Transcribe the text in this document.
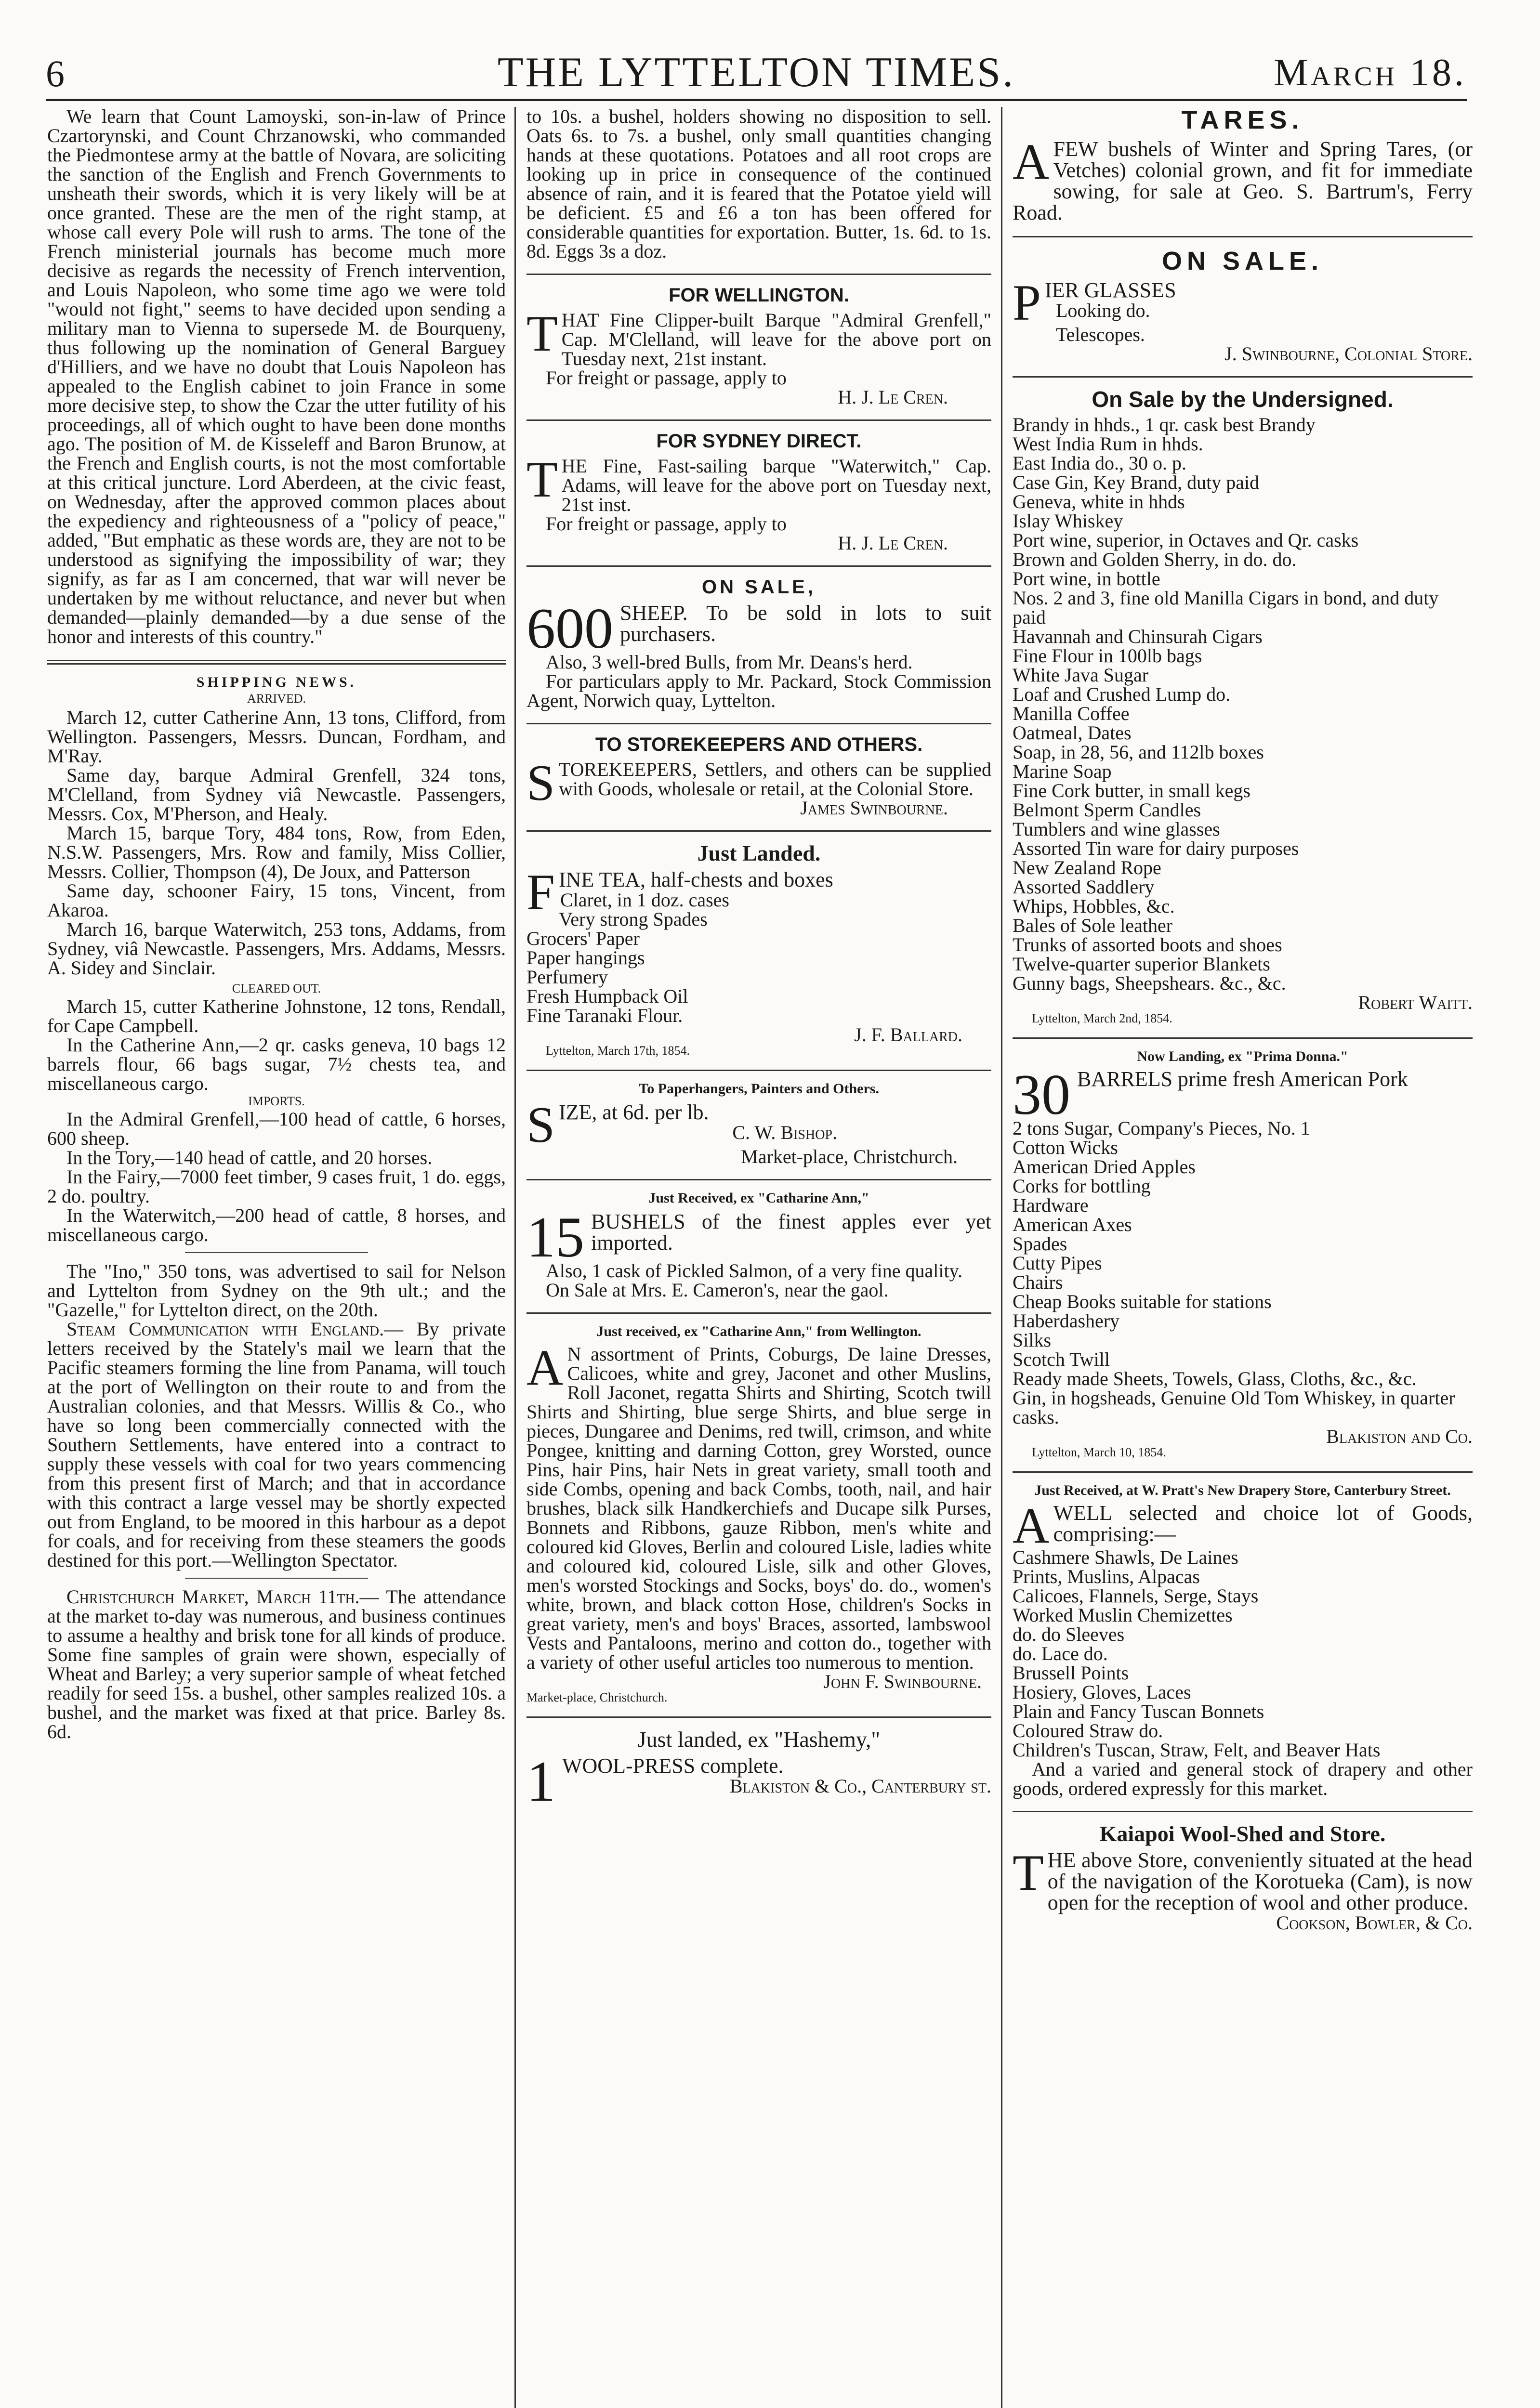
6	THE LYTTELTON TIMES.	March 18.

We learn that Count Lamoyski, son-in-law of Prince Czartorynski, and Count Chrzanowski, who commanded the Piedmontese army at the battle of Novara, are soliciting the sanction of the English and French Governments to unsheath their swords, which it is very likely will be at once granted. These are the men of the right stamp, at whose call every Pole will rush to arms. The tone of the French ministerial journals has become much more decisive as regards the necessity of French intervention, and Louis Napoleon, who some time ago we were told "would not fight," seems to have decided upon sending a military man to Vienna to supersede M. de Bourqueny, thus following up the nomination of General Barguey d'Hilliers, and we have no doubt that Louis Napoleon has appealed to the English cabinet to join France in some more decisive step, to show the Czar the utter futility of his proceedings, all of which ought to have been done months ago. The position of M. de Kisseleff and Baron Brunow, at the French and English courts, is not the most comfortable at this critical juncture. Lord Aberdeen, at the civic feast, on Wednesday, after the approved common places about the expediency and righteousness of a "policy of peace," added, "But emphatic as these words are, they are not to be understood as signifying the impossibility of war; they signify, as far as I am concerned, that war will never be undertaken by me without reluctance, and never but when demanded—plainly demanded—by a due sense of the honor and interests of this country."

SHIPPING NEWS.

ARRIVED.

March 12, cutter Catherine Ann, 13 tons, Clifford, from Wellington. Passengers, Messrs. Duncan, Fordham, and M'Ray.

Same day, barque Admiral Grenfell, 324 tons, M'Clelland, from Sydney viâ Newcastle. Passengers, Messrs. Cox, M'Pherson, and Healy.

March 15, barque Tory, 484 tons, Row, from Eden, N.S.W. Passengers, Mrs. Row and family, Miss Collier, Messrs. Collier, Thompson (4), De Joux, and Patterson

Same day, schooner Fairy, 15 tons, Vincent, from Akaroa.

March 16, barque Waterwitch, 253 tons, Addams, from Sydney, viâ Newcastle. Passengers, Mrs. Addams, Messrs. A. Sidey and Sinclair.

CLEARED OUT.

March 15, cutter Katherine Johnstone, 12 tons, Rendall, for Cape Campbell.

In the Catherine Ann,—2 qr. casks geneva, 10 bags 12 barrels flour, 66 bags sugar, 7½ chests tea, and miscellaneous cargo.

IMPORTS.

In the Admiral Grenfell,—100 head of cattle, 6 horses, 600 sheep.

In the Tory,—140 head of cattle, and 20 horses.

In the Fairy,—7000 feet timber, 9 cases fruit, 1 do. eggs, 2 do. poultry.

In the Waterwitch,—200 head of cattle, 8 horses, and miscellaneous cargo.

The "Ino," 350 tons, was advertised to sail for Nelson and Lyttelton from Sydney on the 9th ult.; and the "Gazelle," for Lyttelton direct, on the 20th.

Steam Communication with England.— By private letters received by the Stately's mail we learn that the Pacific steamers forming the line from Panama, will touch at the port of Wellington on their route to and from the Australian colonies, and that Messrs. Willis & Co., who have so long been commercially connected with the Southern Settlements, have entered into a contract to supply these vessels with coal for two years commencing from this present first of March; and that in accordance with this contract a large vessel may be shortly expected out from England, to be moored in this harbour as a depot for coals, and for receiving from these steamers the goods destined for this port.—Wellington Spectator.

Christchurch Market, March 11th.— The attendance at the market to-day was numerous, and business continues to assume a healthy and brisk tone for all kinds of produce. Some fine samples of grain were shown, especially of Wheat and Barley; a very superior sample of wheat fetched readily for seed 15s. a bushel, other samples realized 10s. a bushel, and the market was fixed at that price. Barley 8s. 6d.

to 10s. a bushel, holders showing no disposition to sell. Oats 6s. to 7s. a bushel, only small quantities changing hands at these quotations. Potatoes and all root crops are looking up in price in consequence of the continued absence of rain, and it is feared that the Potatoe yield will be deficient. £5 and £6 a ton has been offered for considerable quantities for exportation. Butter, 1s. 6d. to 1s. 8d. Eggs 3s a doz.

FOR WELLINGTON.

THAT Fine Clipper-built Barque "Admiral Grenfell," Cap. M'Clelland, will leave for the above port on Tuesday next, 21st instant.

For freight or passage, apply to

H. J. Le Cren.

FOR SYDNEY DIRECT.

THE Fine, Fast-sailing barque "Waterwitch," Cap. Adams, will leave for the above port on Tuesday next, 21st inst.

For freight or passage, apply to

H. J. Le Cren.

ON SALE,

600 SHEEP. To be sold in lots to suit purchasers.

Also, 3 well-bred Bulls, from Mr. Deans's herd.

For particulars apply to Mr. Packard, Stock Commission Agent, Norwich quay, Lyttelton.

TO STOREKEEPERS AND OTHERS.

STOREKEEPERS, Settlers, and others can be supplied with Goods, wholesale or retail, at the Colonial Store.

James Swinbourne.

Just Landed.

FINE TEA, half-chests and boxes

Claret, in 1 doz. cases

Very strong Spades

Grocers' Paper

Paper hangings

Perfumery

Fresh Humpback Oil

Fine Taranaki Flour.

J. F. Ballard.

Lyttelton, March 17th, 1854.

To Paperhangers, Painters and Others.

SIZE, at 6d. per lb.

C. W. Bishop.

Market-place, Christchurch.

Just Received, ex "Catharine Ann,"

15 BUSHELS of the finest apples ever yet imported.

Also, 1 cask of Pickled Salmon, of a very fine quality.

On Sale at Mrs. E. Cameron's, near the gaol.

Just received, ex "Catharine Ann," from Wellington.

A N assortment of Prints, Coburgs, De laine Dresses, Calicoes, white and grey, Jaconet and other Muslins, Roll Jaconet, regatta Shirts and Shirting, Scotch twill Shirts and Shirting, blue serge Shirts, and blue serge in pieces, Dungaree and Denims, red twill, crimson, and white Pongee, knitting and darning Cotton, grey Worsted, ounce Pins, hair Pins, hair Nets in great variety, small tooth and side Combs, opening and back Combs, tooth, nail, and hair brushes, black silk Handkerchiefs and Ducape silk Purses, Bonnets and Ribbons, gauze Ribbon, men's white and coloured kid Gloves, Berlin and coloured Lisle, ladies white and coloured kid, coloured Lisle, silk and other Gloves, men's worsted Stockings and Socks, boys' do. do., women's white, brown, and black cotton Hose, children's Socks in great variety, men's and boys' Braces, assorted, lambswool Vests and Pantaloons, merino and cotton do., together with a variety of other useful articles too numerous to mention.

John F. Swinbourne.

Market-place, Christchurch.

Just landed, ex "Hashemy,"

1 WOOL-PRESS complete.

Blakiston & Co., Canterbury st.

TARES.

AFEW bushels of Winter and Spring Tares, (or Vetches) colonial grown, and fit for immediate sowing, for sale at Geo. S. Bartrum's, Ferry Road.

ON SALE.

PIER GLASSES

Looking do.

Telescopes.

J. Swinbourne, Colonial Store.

On Sale by the Undersigned.

Brandy in hhds., 1 qr. cask best Brandy

West India Rum in hhds.

East India do., 30 o. p.

Case Gin, Key Brand, duty paid

Geneva, white in hhds

Islay Whiskey

Port wine, superior, in Octaves and Qr. casks

Brown and Golden Sherry, in do. do.

Port wine, in bottle

Nos. 2 and 3, fine old Manilla Cigars in bond, and duty paid

Havannah and Chinsurah Cigars

Fine Flour in 100lb bags

White Java Sugar

Loaf and Crushed Lump do.

Manilla Coffee

Oatmeal, Dates

Soap, in 28, 56, and 112lb boxes

Marine Soap

Fine Cork butter, in small kegs

Belmont Sperm Candles

Tumblers and wine glasses

Assorted Tin ware for dairy purposes

New Zealand Rope

Assorted Saddlery

Whips, Hobbles, &c.

Bales of Sole leather

Trunks of assorted boots and shoes

Twelve-quarter superior Blankets

Gunny bags, Sheepshears. &c., &c.

Robert Waitt.

Lyttelton, March 2nd, 1854.

Now Landing, ex "Prima Donna."

30 BARRELS prime fresh American Pork

2 tons Sugar, Company's Pieces, No. 1

Cotton Wicks

American Dried Apples

Corks for bottling

Hardware

American Axes

Spades

Cutty Pipes

Chairs

Cheap Books suitable for stations

Haberdashery

Silks

Scotch Twill

Ready made Sheets, Towels, Glass, Cloths, &c., &c.

Gin, in hogsheads, Genuine Old Tom Whiskey, in quarter casks.

Blakiston and Co.

Lyttelton, March 10, 1854.

Just Received, at W. Pratt's New Drapery Store, Canterbury Street.

AWELL selected and choice lot of Goods, comprising:—

Cashmere Shawls, De Laines

Prints, Muslins, Alpacas

Calicoes, Flannels, Serge, Stays

Worked Muslin Chemizettes

do. do Sleeves

do. Lace do.

Brussell Points

Hosiery, Gloves, Laces

Plain and Fancy Tuscan Bonnets

Coloured Straw do.

Children's Tuscan, Straw, Felt, and Beaver Hats

And a varied and general stock of drapery and other goods, ordered expressly for this market.

Kaiapoi Wool-Shed and Store.

THE above Store, conveniently situated at the head of the navigation of the Korotueka (Cam), is now open for the reception of wool and other produce.

Cookson, Bowler, & Co.
